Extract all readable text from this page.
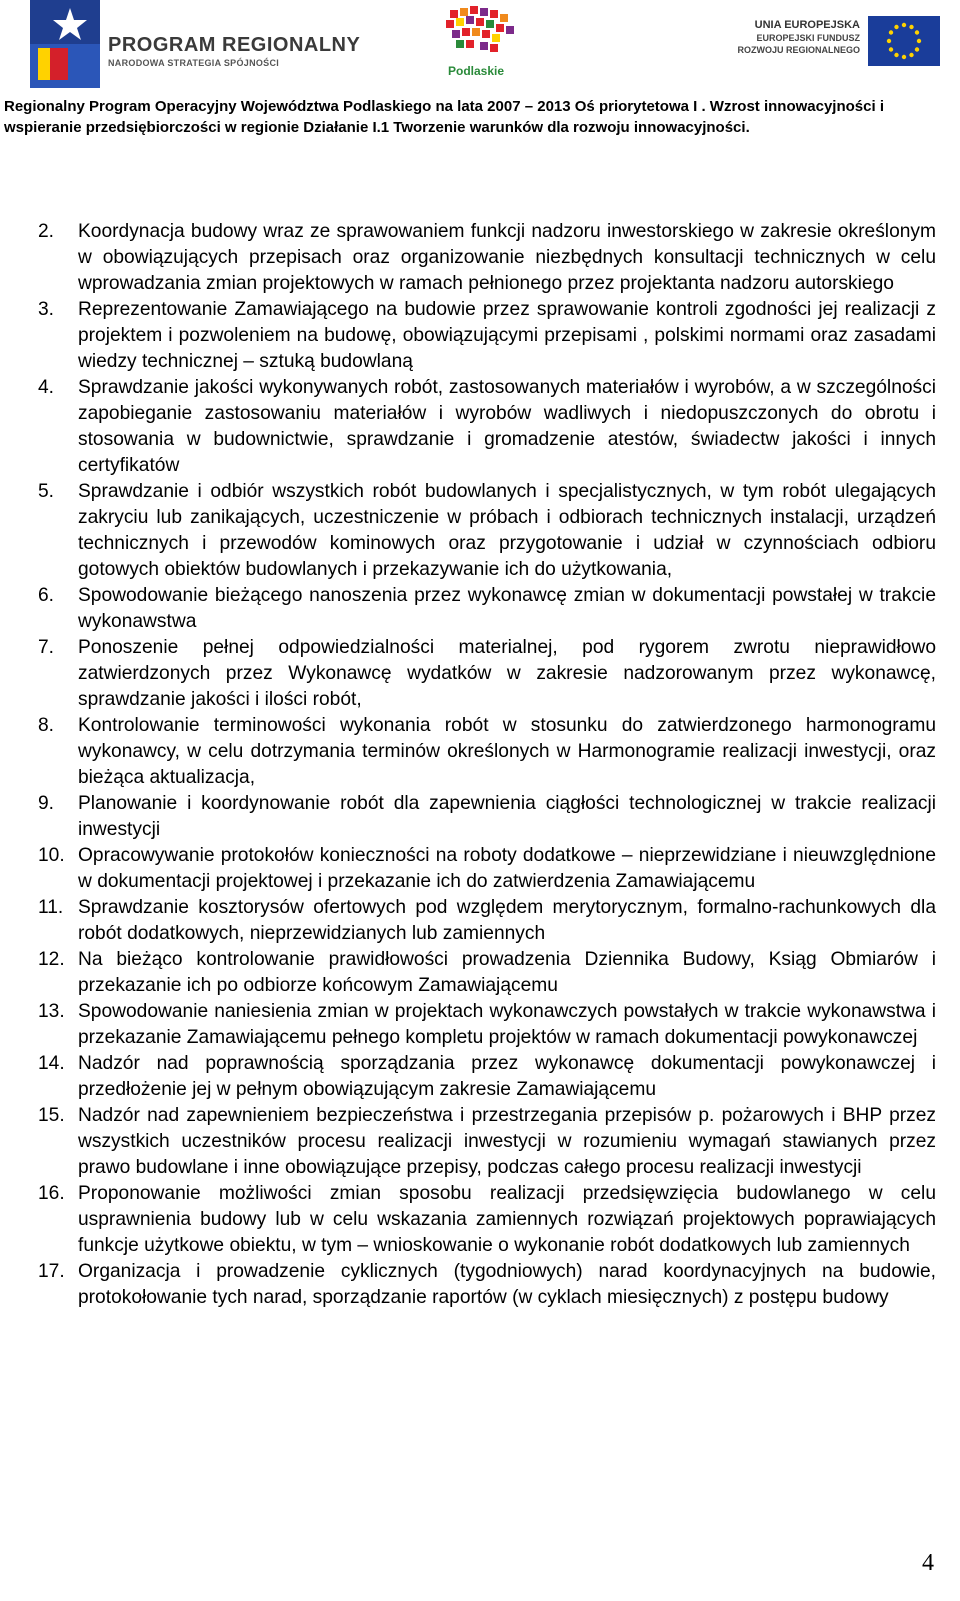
PROGRAM REGIONALNY
NARODOWA STRATEGIA SPÓJNOŚCI
Podlaskie
UNIA EUROPEJSKA
EUROPEJSKI FUNDUSZ
ROZWOJU REGIONALNEGO
Regionalny Program Operacyjny Województwa Podlaskiego na lata 2007 – 2013 Oś priorytetowa I . Wzrost innowacyjności i
wspieranie przedsiębiorczości w regionie Działanie I.1 Tworzenie warunków dla rozwoju innowacyjności.
2. Koordynacja budowy wraz ze sprawowaniem funkcji nadzoru inwestorskiego w zakresie określonym w obowiązujących przepisach oraz organizowanie niezbędnych konsultacji technicznych w celu wprowadzania zmian projektowych w ramach pełnionego przez projektanta nadzoru autorskiego
3. Reprezentowanie Zamawiającego na budowie przez sprawowanie kontroli zgodności jej realizacji z projektem i pozwoleniem na budowę, obowiązującymi przepisami , polskimi normami oraz zasadami wiedzy technicznej – sztuką budowlaną
4. Sprawdzanie jakości wykonywanych robót, zastosowanych materiałów i wyrobów, a w szczególności zapobieganie zastosowaniu materiałów i wyrobów wadliwych i niedopuszczonych do obrotu i stosowania w budownictwie, sprawdzanie i gromadzenie atestów, świadectw jakości i innych certyfikatów
5. Sprawdzanie i odbiór wszystkich robót budowlanych i specjalistycznych, w tym robót ulegających zakryciu lub zanikających, uczestniczenie w próbach i odbiorach technicznych instalacji, urządzeń technicznych i przewodów kominowych oraz przygotowanie i udział w czynnościach odbioru gotowych obiektów budowlanych i przekazywanie ich do użytkowania,
6. Spowodowanie bieżącego nanoszenia przez wykonawcę zmian w dokumentacji powstałej w trakcie wykonawstwa
7. Ponoszenie pełnej odpowiedzialności materialnej, pod rygorem zwrotu nieprawidłowo zatwierdzonych przez Wykonawcę wydatków w zakresie nadzorowanym przez wykonawcę, sprawdzanie jakości i ilości robót,
8. Kontrolowanie terminowości wykonania robót w stosunku do zatwierdzonego harmonogramu wykonawcy, w celu dotrzymania terminów określonych w Harmonogramie realizacji inwestycji, oraz bieżąca aktualizacja,
9. Planowanie i koordynowanie robót dla zapewnienia ciągłości technologicznej w trakcie realizacji inwestycji
10. Opracowywanie protokołów konieczności na roboty dodatkowe – nieprzewidziane i nieuwzględnione w dokumentacji projektowej i przekazanie ich do zatwierdzenia Zamawiającemu
11. Sprawdzanie kosztorysów ofertowych pod względem merytorycznym, formalno-rachunkowych dla robót dodatkowych, nieprzewidzianych lub zamiennych
12. Na bieżąco kontrolowanie prawidłowości prowadzenia Dziennika Budowy, Ksiąg Obmiarów i przekazanie ich po odbiorze końcowym Zamawiającemu
13. Spowodowanie naniesienia zmian w projektach wykonawczych powstałych w trakcie wykonawstwa i przekazanie Zamawiającemu pełnego kompletu projektów w ramach dokumentacji powykonawczej
14. Nadzór nad poprawnością sporządzania przez wykonawcę dokumentacji powykonawczej i przedłożenie jej w pełnym obowiązującym zakresie Zamawiającemu
15. Nadzór nad zapewnieniem bezpieczeństwa i przestrzegania przepisów p. pożarowych i BHP przez wszystkich uczestników procesu realizacji inwestycji w rozumieniu wymagań stawianych przez prawo budowlane i inne obowiązujące przepisy, podczas całego procesu realizacji inwestycji
16. Proponowanie możliwości zmian sposobu realizacji przedsięwzięcia budowlanego w celu usprawnienia budowy lub w celu wskazania zamiennych rozwiązań projektowych poprawiających funkcje użytkowe obiektu, w tym – wnioskowanie o wykonanie robót dodatkowych lub zamiennych
17. Organizacja i prowadzenie cyklicznych (tygodniowych) narad koordynacyjnych na budowie, protokołowanie tych narad, sporządzanie raportów (w cyklach miesięcznych) z postępu budowy
4
